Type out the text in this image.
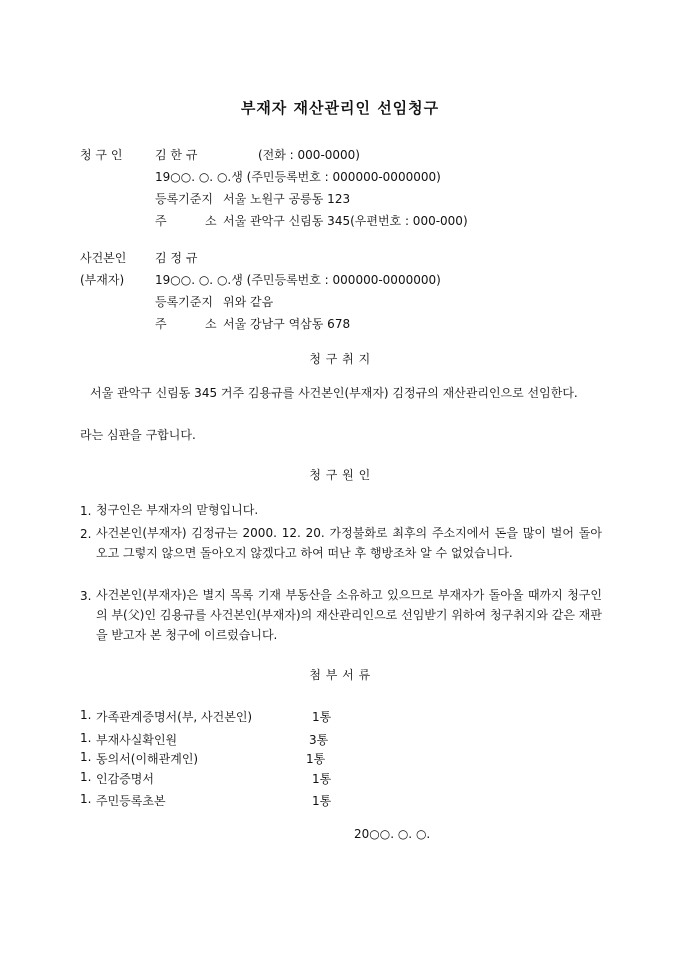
부재자 재산관리인 선임청구
청 구 인	김 한 규	(전화 : 000-0000)
19○○. ○. ○.생 (주민등록번호 : 000000-0000000)
등록기준지 서울 노원구 공릉동 123
주	소 서울 관악구 신림동 345(우편번호 : 000-000)
사건본인 김 정 규
(부재자)	19○○. ○. ○.생 (주민등록번호 : 000000-0000000)
등록기준지 위와 같음
주	소 서울 강남구 역삼동 678
청 구 취 지
서울 관악구 신림동 345 거주 김용규를 사건본인(부재자) 김정규의 재산관리인으로 선임한다.
라는 심판을 구합니다.
청 구 원 인
1. 청구인은 부재자의 맏형입니다.
2. 사건본인(부재자) 김정규는 2000. 12. 20. 가정불화로 최후의 주소지에서 돈을 많이 벌어 돌아오고 그렇지 않으면 돌아오지 않겠다고 하여 떠난 후 행방조차 알 수 없었습니다.
3. 사건본인(부재자)은 별지 목록 기재 부동산을 소유하고 있으므로 부재자가 돌아올 때까지 청구인의 부(父)인 김용규를 사건본인(부재자)의 재산관리인으로 선임받기 위하여 청구취지와 같은 재판을 받고자 본 청구에 이르렀습니다.
첨 부 서 류
1. 가족관계증명서(부, 사건본인)	1통
1. 부재사실확인원	3통
1. 동의서(이해관계인)	1통
1. 인감증명서	1통
1. 주민등록초본	1통
20○○. ○. ○.
